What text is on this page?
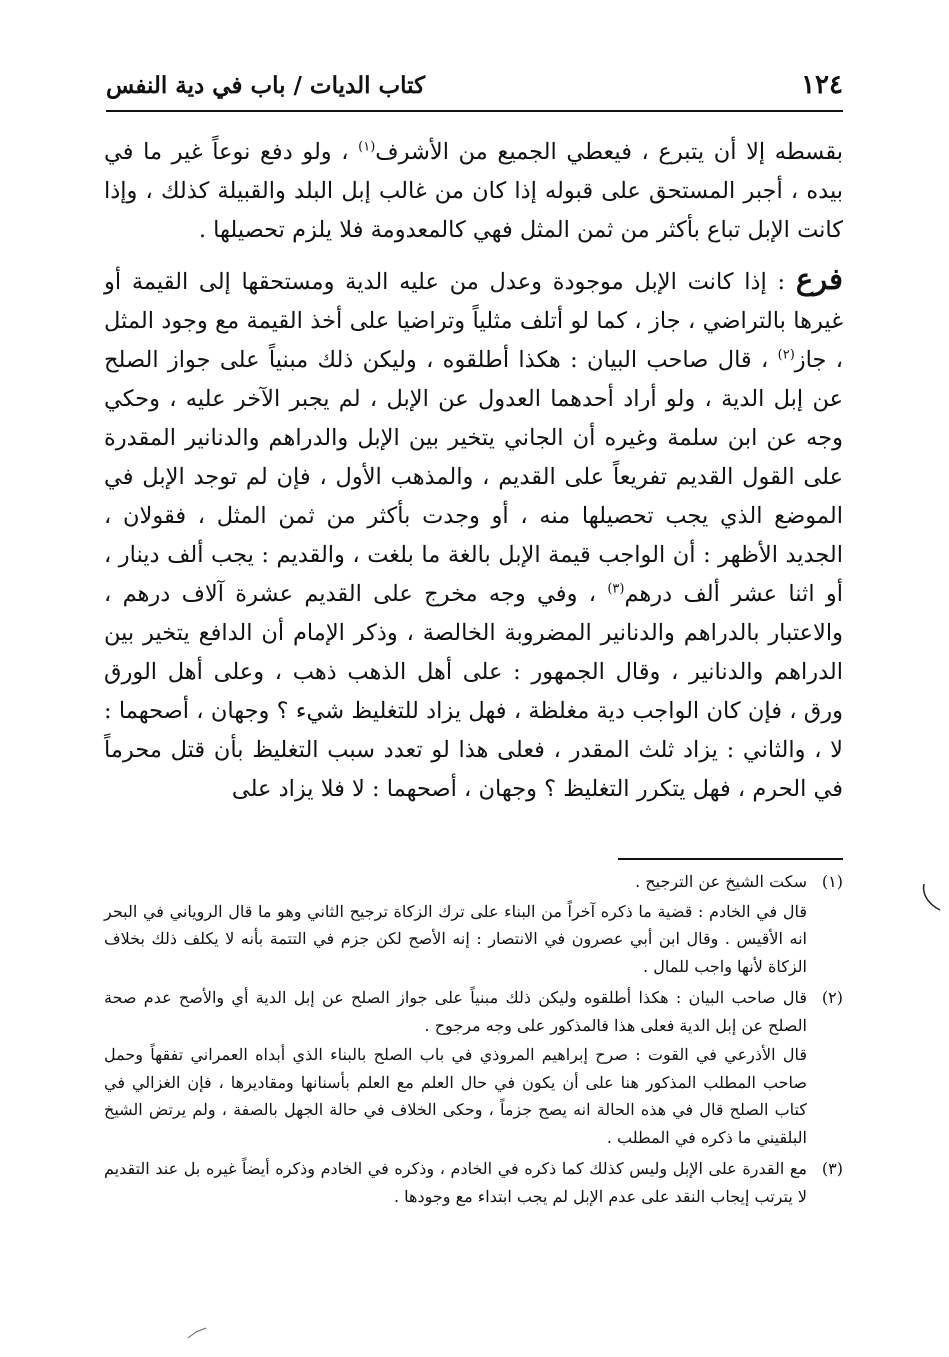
١٢٤
كتاب الديات / باب في دية النفس

بقسطه إلا أن يتبرع ، فيعطي الجميع من الأشرف$^{(١)}$ ، ولو دفع نوعاً غير ما في بيده ، أجبر المستحق على قبوله إذا كان من غالب إبل البلد والقبيلة كذلك ، وإذا كانت الإبل تباع بأكثر من ثمن المثل فهي كالمعدومة فلا يلزم تحصيلها .

فرع : إذا كانت الإبل موجودة وعدل من عليه الدية ومستحقها إلى القيمة أو غيرها بالتراضي ، جاز ، كما لو أتلف مثلياً وتراضيا على أخذ القيمة مع وجود المثل ، جاز$^{(٢)}$ ، قال صاحب البيان : هكذا أطلقوه ، وليكن ذلك مبنياً على جواز الصلح عن إبل الدية ، ولو أراد أحدهما العدول عن الإبل ، لم يجبر الآخر عليه ، وحكي وجه عن ابن سلمة وغيره أن الجاني يتخير بين الإبل والدراهم والدنانير المقدرة على القول القديم تفريعاً على القديم ، والمذهب الأول ، فإن لم توجد الإبل في الموضع الذي يجب تحصيلها منه ، أو وجدت بأكثر من ثمن المثل ، فقولان ، الجديد الأظهر : أن الواجب قيمة الإبل بالغة ما بلغت ، والقديم : يجب ألف دينار ، أو اثنا عشر ألف درهم$^{(٣)}$ ، وفي وجه مخرج على القديم عشرة آلاف درهم ، والاعتبار بالدراهم والدنانير المضروبة الخالصة ، وذكر الإمام أن الدافع يتخير بين الدراهم والدنانير ، وقال الجمهور : على أهل الذهب ذهب ، وعلى أهل الورق ورق ، فإن كان الواجب دية مغلظة ، فهل يزاد للتغليظ شيء ؟ وجهان ، أصحهما : لا ، والثاني : يزاد ثلث المقدر ، فعلى هذا لو تعدد سبب التغليظ بأن قتل محرماً في الحرم ، فهل يتكرر التغليظ ؟ وجهان ، أصحهما : لا فلا يزاد على

(١)

سكت الشيخ عن الترجيح .

قال في الخادم : قضية ما ذكره آخراً من البناء على ترك الزكاة ترجيح الثاني وهو ما قال الروياني في البحر انه الأقيس . وقال ابن أبي عصرون في الانتصار : إنه الأصح لكن جزم في التتمة بأنه لا يكلف ذلك بخلاف الزكاة لأنها واجب للمال .

(٢)

قال صاحب البيان : هكذا أطلقوه وليكن ذلك مبنياً على جواز الصلح عن إبل الدية أي والأصح عدم صحة الصلح عن إبل الدية فعلى هذا فالمذكور على وجه مرجوح .

قال الأذرعي في القوت : صرح إبراهيم المروذي في باب الصلح بالبناء الذي أبداه العمراني تفقهاً وحمل صاحب المطلب المذكور هنا على أن يكون في حال العلم مع العلم بأسنانها ومقاديرها ، فإن الغزالي في كتاب الصلح قال في هذه الحالة انه يصح جزماً ، وحكى الخلاف في حالة الجهل بالصفة ، ولم يرتض الشيخ البلقيني ما ذكره في المطلب .

(٣)

مع القدرة على الإبل وليس كذلك كما ذكره في الخادم ، وذكره في الخادم وذكره أيضاً غيره بل عند التقديم لا يترتب إيجاب النقد على عدم الإبل لم يجب ابتداء مع وجودها .
